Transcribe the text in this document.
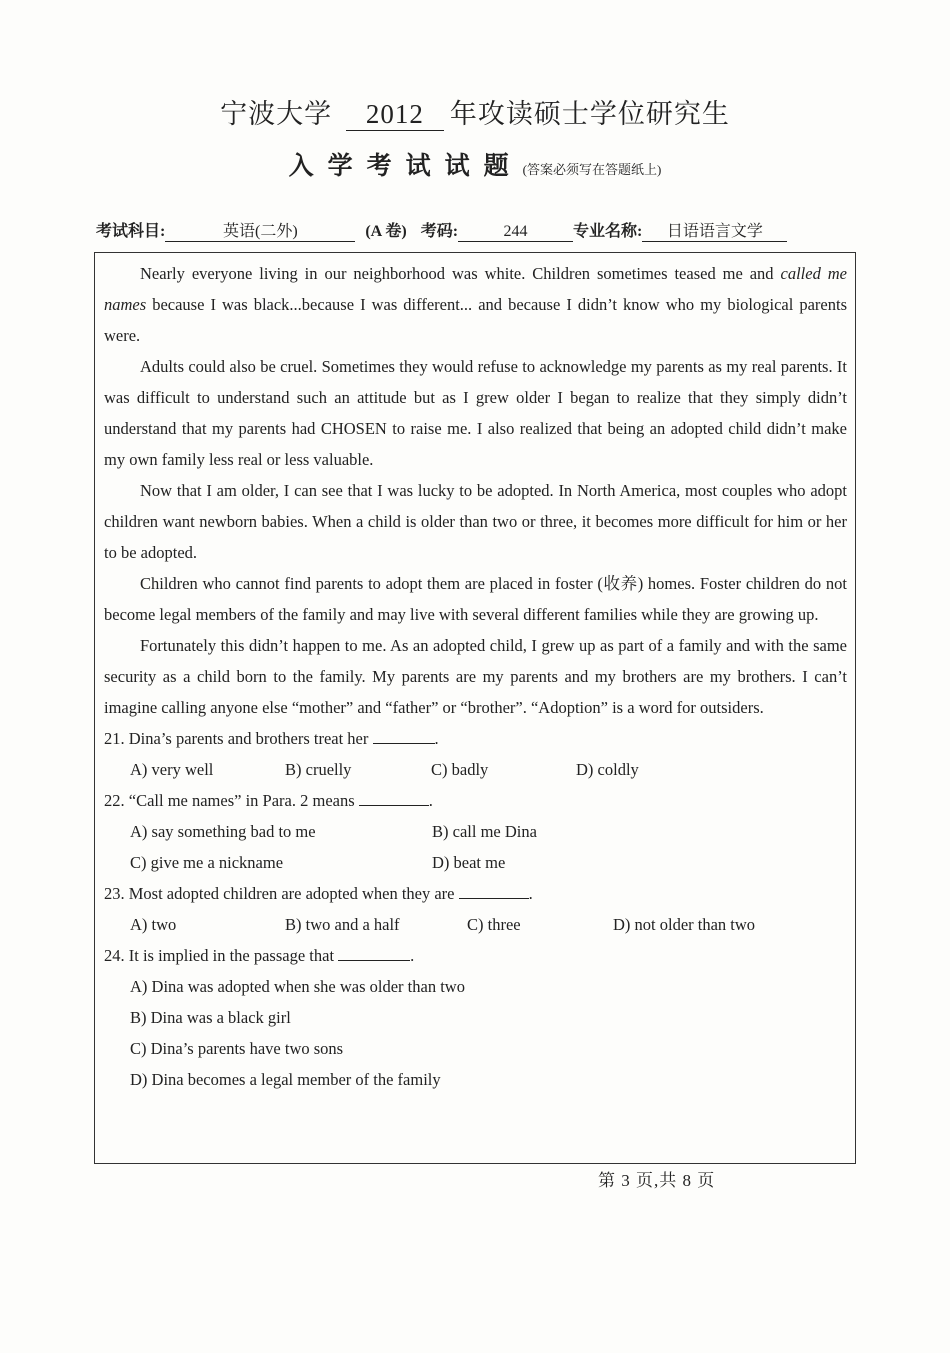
宁波大学 2012 年攻读硕士学位研究生
入学考试试题(答案必须写在答题纸上)
考试科目:	英语(二外)	(A 卷) 考码:	244	专业名称: 日语语言文学

Nearly everyone living in our neighborhood was white. Children sometimes teased me and called me names because I was black...because I was different... and because I didn’t know who my biological parents were.

Adults could also be cruel. Sometimes they would refuse to acknowledge my parents as my real parents. It was difficult to understand such an attitude but as I grew older I began to realize that they simply didn’t understand that my parents had CHOSEN to raise me. I also realized that being an adopted child didn’t make my own family less real or less valuable.

Now that I am older, I can see that I was lucky to be adopted. In North America, most couples who adopt children want newborn babies. When a child is older than two or three, it becomes more difficult for him or her to be adopted.

Children who cannot find parents to adopt them are placed in foster (收养) homes. Foster children do not become legal members of the family and may live with several different families while they are growing up.

Fortunately this didn’t happen to me. As an adopted child, I grew up as part of a family and with the same security as a child born to the family. My parents are my parents and my brothers are my brothers. I can’t imagine calling anyone else “mother” and “father” or “brother”. “Adoption” is a word for outsiders.

21. Dina’s parents and brothers treat her	.

A) very well	B) cruelly	C) badly	D) coldly

22. “Call me names” in Para. 2 means	.

A) say something bad to me	B) call me Dina
C) give me a nickname	D) beat me

23. Most adopted children are adopted when they are	.

A) two	B) two and a half	C) three	D) not older than two

24. It is implied in the passage that	.

A) Dina was adopted when she was older than two

B) Dina was a black girl

C) Dina’s parents have two sons

D) Dina becomes a legal member of the family

第 3 页,共 8 页
